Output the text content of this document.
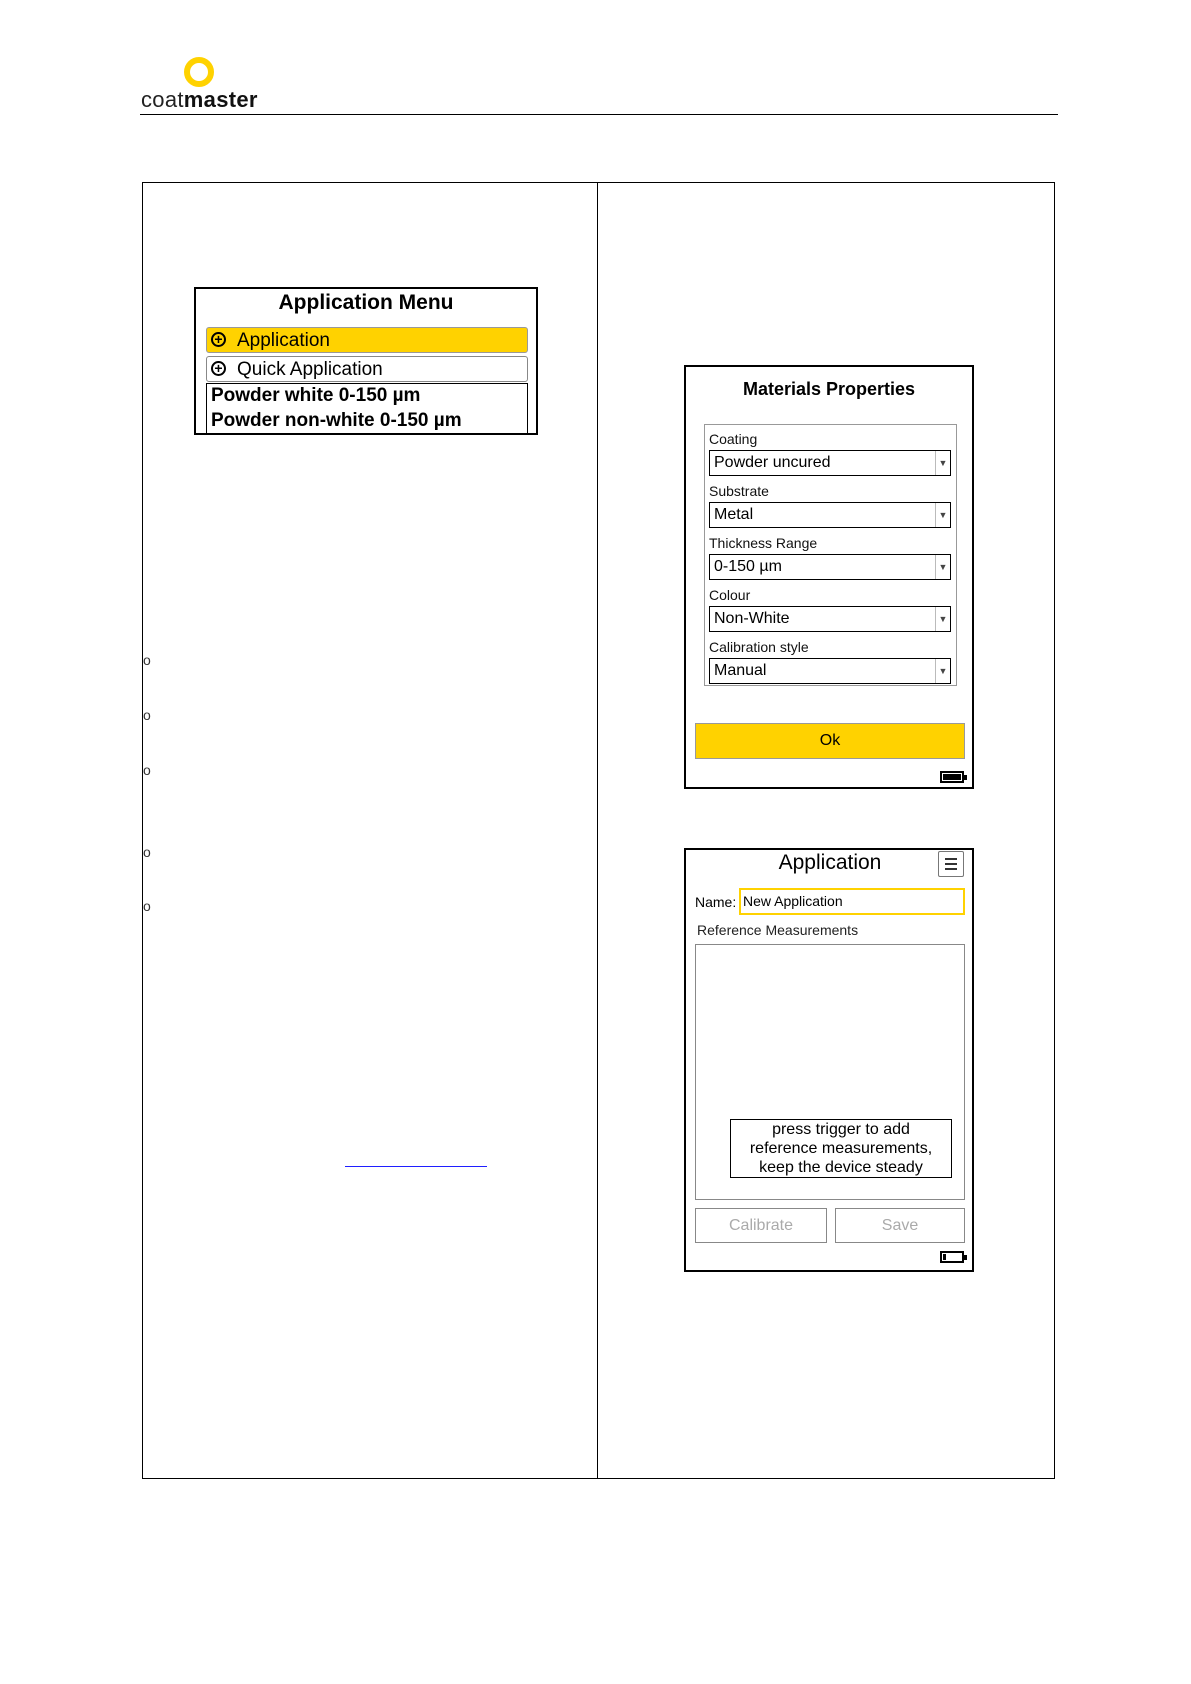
coatmaster
Application Menu
+ Application
+ Quick Application
Powder white 0-150 µm
Powder non-white 0-150 µm
o
o
o
o
o
Materials Properties
Coating
Powder uncured	▼
Substrate
Metal	▼
Thickness Range
0-150 µm	▼
Colour
Non-White	▼
Calibration style
Manual	▼
Ok
Application
Name: New Application
Reference Measurements
press trigger to add
reference measurements,
keep the device steady
Calibrate	Save
